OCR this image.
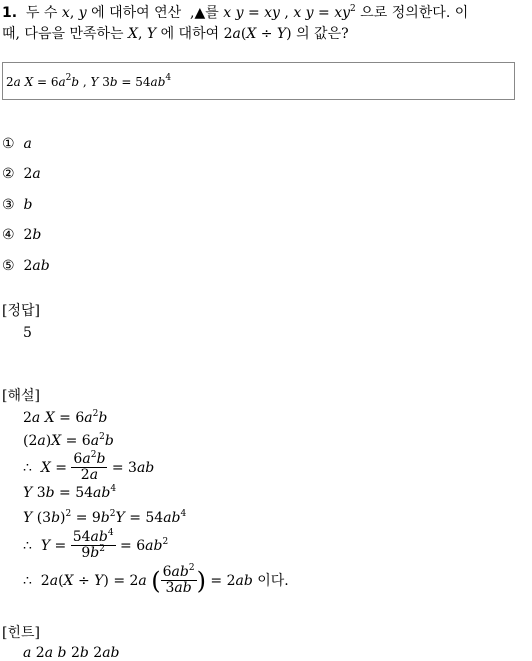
1.  두 수 x, y 에 대하여 연산  ,▲를 x y = xy , x $y = xy^2$ 으로 정의한다. 이
때, 다음을 만족하는 X, Y 에 대하여 2a(X ÷ Y) 의 값은?
2a $X = 6a^2b$ , Y $3b = 54ab^4$
① a
②  2a
③ b
④  2b
⑤  2ab
[정답]
5
[해설]
2a $X = 6a^2b$
$(2a)X = 6a^2b$
∴  $X = \frac{6a^2b}{2a} = 3ab$
Y $3b = 54ab^4$
Y $(3b)^2 = 9b^2Y = 54ab^4$
∴  $Y = \frac{54ab^4}{9b^2} = 6ab^2$
∴  2a(X ÷ Y) = 2a ( $\frac{6ab^2}{3ab}$ ) = 2ab 이다.
[힌트]
a 2a b 2b 2ab
